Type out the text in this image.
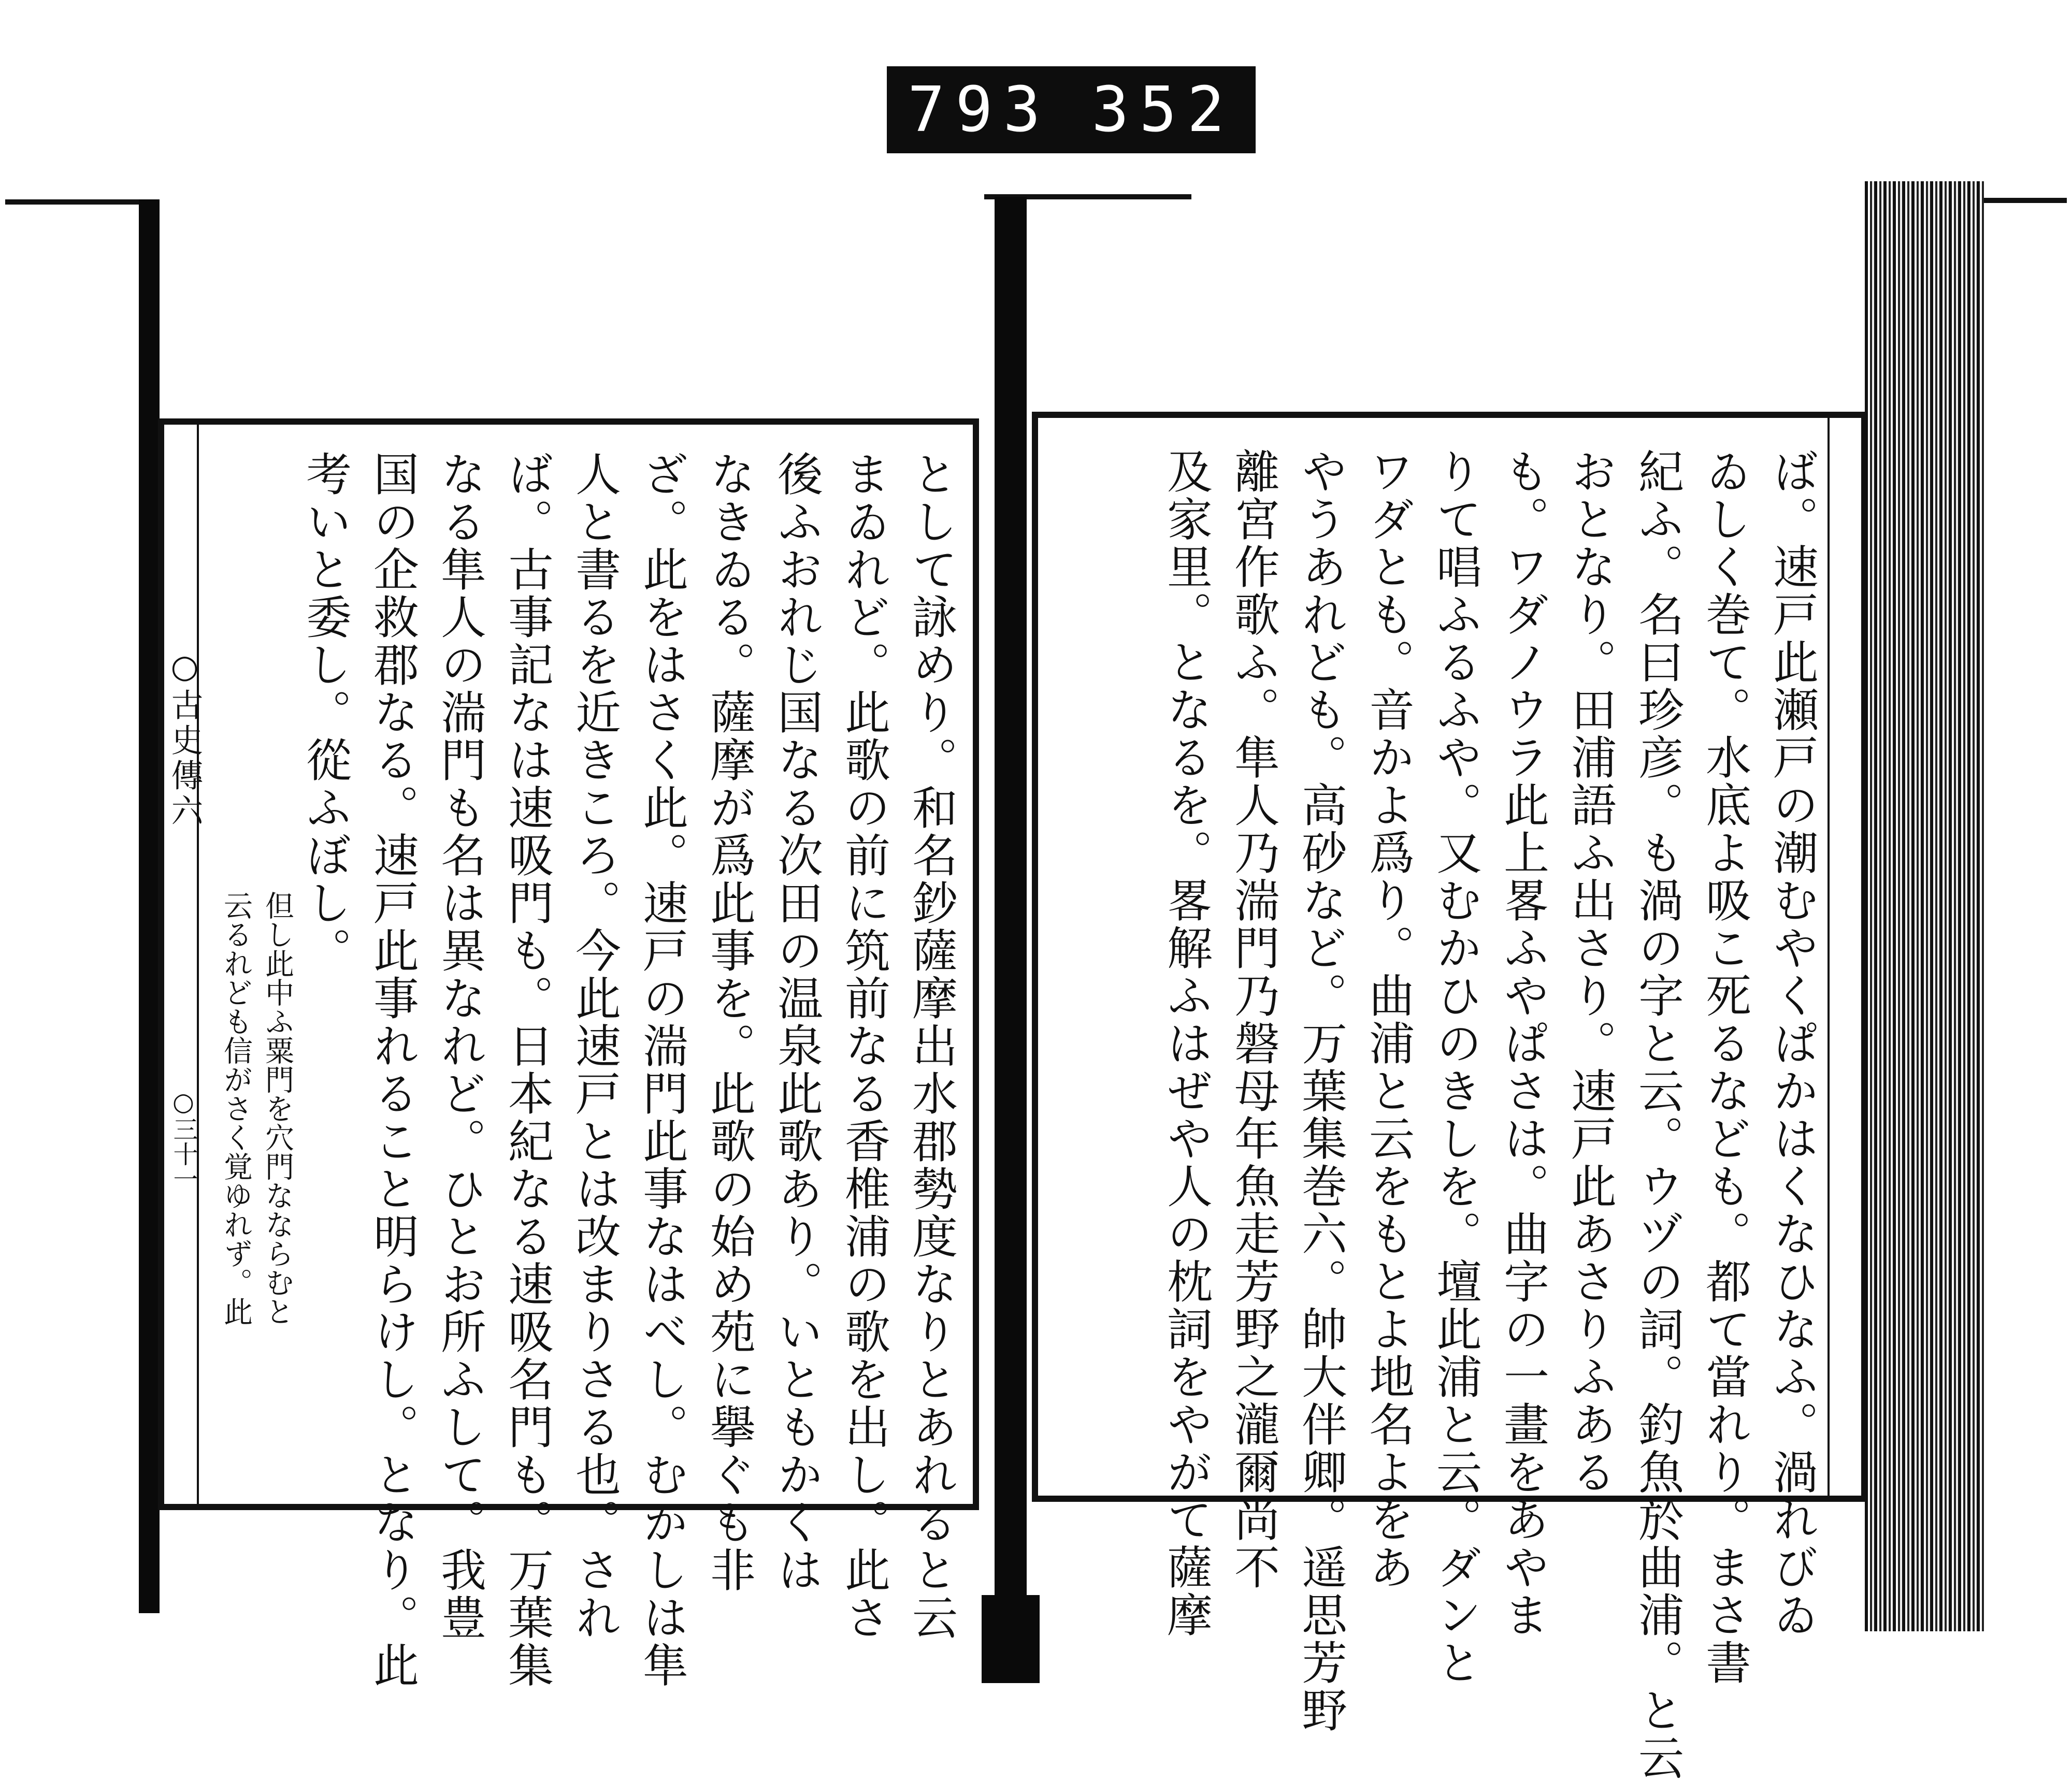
793 352
○古史傳六
○三十一	として詠めり。和名鈔薩摩出水郡勢度なりとあれると云
まゐれど。此歌の前に筑前なる香椎浦の歌を出し。此さ
後ふおれじ国なる次田の温泉此歌あり。いともかくは
なきゐる。薩摩が爲此事を。此歌の始め苑に擧ぐも非
ざ。此をはさく此。速戸の湍門此事なはべし。むかしは隼
人と書るを近きころ。今此速戸とは改まりさる也。され
ば。古事記なは速吸門も。日本紀なる速吸名門も。万葉集
なる隼人の湍門も名は異なれど。ひとお所ふして。我豊
国の企救郡なる。速戸此事れること明らけし。となり。此
考いと委し。從ふぼし。
但し此中ふ粟門を穴門なならむと
云るれども信がさく覚ゆれず。此	ば。速戸此瀬戸の潮むやくぱかはくなひなふ。渦れびゐ
ゐしく巻て。水底よ吸こ死るなども。都て當れり。まさ書
紀ふ。名曰珍彦。も渦の字と云。ウヅの詞。釣魚於曲浦。と云
おとなり。田浦語ふ出さり。速戸此あさりふある
も。ワダノウラ此上畧ふやぱさは。曲字の一畫をあやま
りて唱ふるふや。又むかひのきしを。壇此浦と云。ダンと
ワダとも。音かよ爲り。曲浦と云をもとよ地名よをあ
やうあれども。高砂など。万葉集巻六。帥大伴卿。遥思芳野
離宮作歌ふ。隼人乃湍門乃磐母年魚走芳野之瀧爾尚不
及家里。となるを。畧解ふはぜや人の枕詞をやがて薩摩
